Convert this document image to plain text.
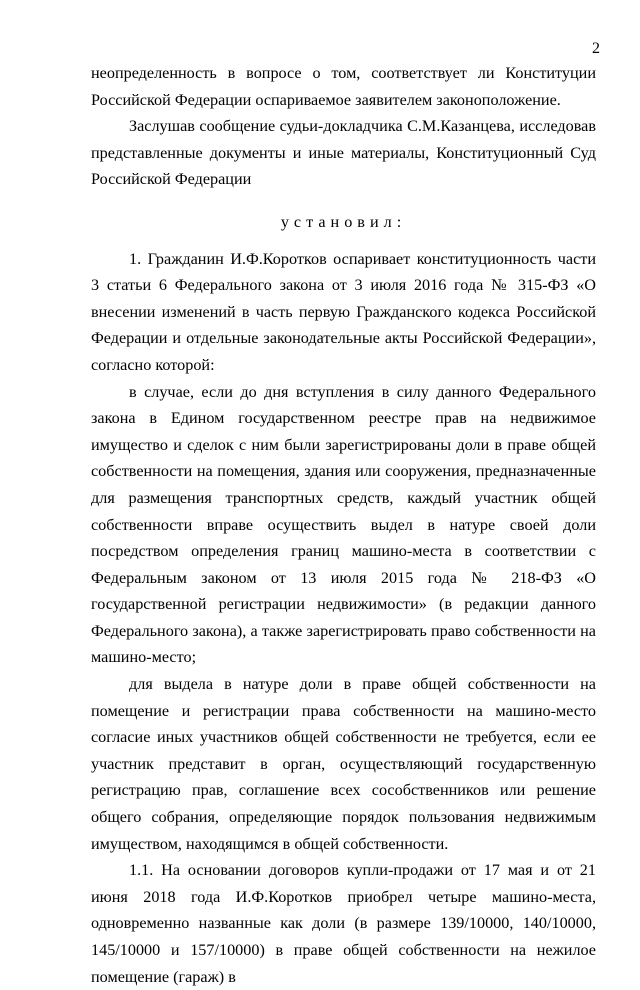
2

неопределенность в вопросе о том, соответствует ли Конституции Российской Федерации оспариваемое заявителем законоположение.

Заслушав сообщение судьи-докладчика С.М.Казанцева, исследовав представленные документы и иные материалы, Конституционный Суд Российской Федерации

установил:

1. Гражданин И.Ф.Коротков оспаривает конституционность части 3 статьи 6 Федерального закона от 3 июля 2016 года № 315-ФЗ «О внесении изменений в часть первую Гражданского кодекса Российской Федерации и отдельные законодательные акты Российской Федерации», согласно которой:

в случае, если до дня вступления в силу данного Федерального закона в Едином государственном реестре прав на недвижимое имущество и сделок с ним были зарегистрированы доли в праве общей собственности на помещения, здания или сооружения, предназначенные для размещения транспортных средств, каждый участник общей собственности вправе осуществить выдел в натуре своей доли посредством определения границ машино-места в соответствии с Федеральным законом от 13 июля 2015 года № 218-ФЗ «О государственной регистрации недвижимости» (в редакции данного Федерального закона), а также зарегистрировать право собственности на машино-место;

для выдела в натуре доли в праве общей собственности на помещение и регистрации права собственности на машино-место согласие иных участников общей собственности не требуется, если ее участник представит в орган, осуществляющий государственную регистрацию прав, соглашение всех сособственников или решение общего собрания, определяющие порядок пользования недвижимым имуществом, находящимся в общей собственности.

1.1. На основании договоров купли-продажи от 17 мая и от 21 июня 2018 года И.Ф.Коротков приобрел четыре машино-места, одновременно названные как доли (в размере 139/10000, 140/10000, 145/10000 и 157/10000) в праве общей собственности на нежилое помещение (гараж) в
